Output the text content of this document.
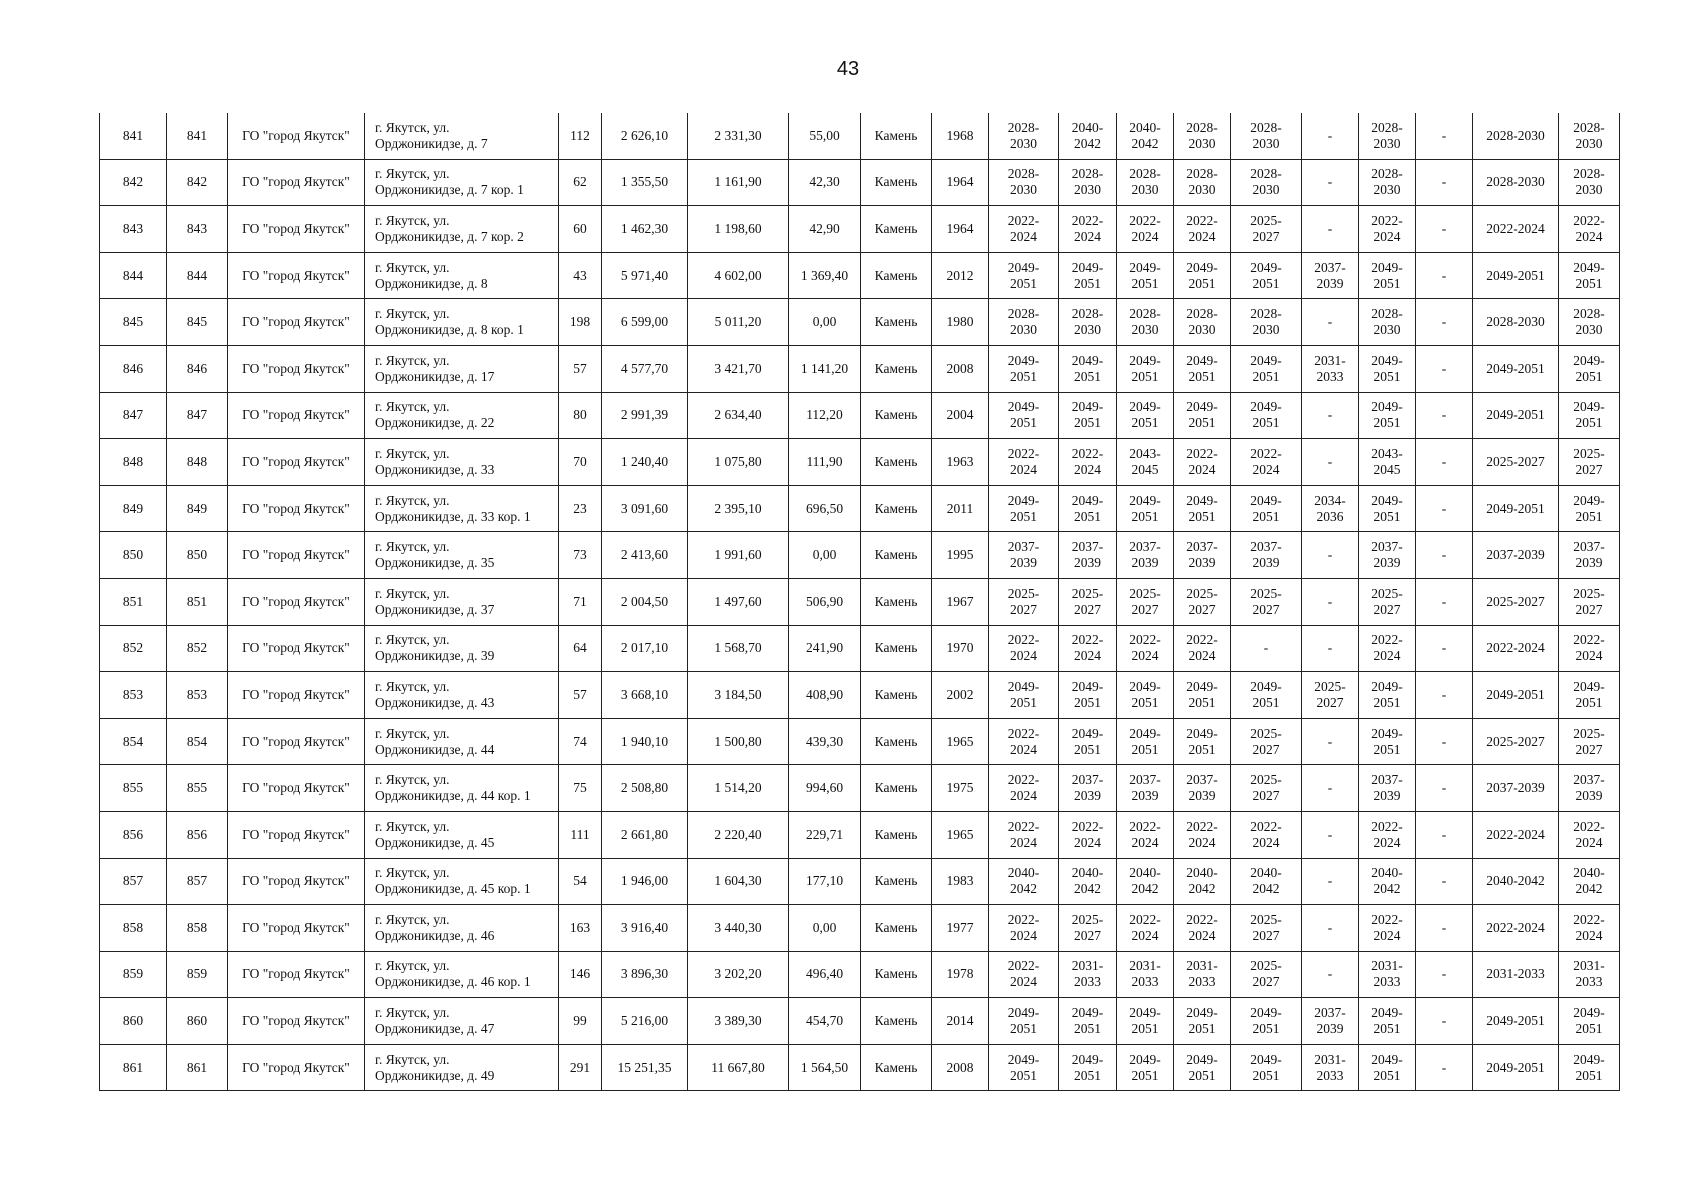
43
841	841	ГО "город Якутск"	г. Якутск, ул.
Орджоникидзе, д. 7	112	2 626,10	2 331,30	55,00	Камень	1968	2028-
2030	2040-
2042	2040-
2042	2028-
2030	2028-
2030	-	2028-
2030	-	2028-2030	2028-
2030
842	842	ГО "город Якутск"	г. Якутск, ул.
Орджоникидзе, д. 7 кор. 1	62	1 355,50	1 161,90	42,30	Камень	1964	2028-
2030	2028-
2030	2028-
2030	2028-
2030	2028-
2030	-	2028-
2030	-	2028-2030	2028-
2030
843	843	ГО "город Якутск"	г. Якутск, ул.
Орджоникидзе, д. 7 кор. 2	60	1 462,30	1 198,60	42,90	Камень	1964	2022-
2024	2022-
2024	2022-
2024	2022-
2024	2025-
2027	-	2022-
2024	-	2022-2024	2022-
2024
844	844	ГО "город Якутск"	г. Якутск, ул.
Орджоникидзе, д. 8	43	5 971,40	4 602,00	1 369,40	Камень	2012	2049-
2051	2049-
2051	2049-
2051	2049-
2051	2049-
2051	2037-
2039	2049-
2051	-	2049-2051	2049-
2051
845	845	ГО "город Якутск"	г. Якутск, ул.
Орджоникидзе, д. 8 кор. 1	198	6 599,00	5 011,20	0,00	Камень	1980	2028-
2030	2028-
2030	2028-
2030	2028-
2030	2028-
2030	-	2028-
2030	-	2028-2030	2028-
2030
846	846	ГО "город Якутск"	г. Якутск, ул.
Орджоникидзе, д. 17	57	4 577,70	3 421,70	1 141,20	Камень	2008	2049-
2051	2049-
2051	2049-
2051	2049-
2051	2049-
2051	2031-
2033	2049-
2051	-	2049-2051	2049-
2051
847	847	ГО "город Якутск"	г. Якутск, ул.
Орджоникидзе, д. 22	80	2 991,39	2 634,40	112,20	Камень	2004	2049-
2051	2049-
2051	2049-
2051	2049-
2051	2049-
2051	-	2049-
2051	-	2049-2051	2049-
2051
848	848	ГО "город Якутск"	г. Якутск, ул.
Орджоникидзе, д. 33	70	1 240,40	1 075,80	111,90	Камень	1963	2022-
2024	2022-
2024	2043-
2045	2022-
2024	2022-
2024	-	2043-
2045	-	2025-2027	2025-
2027
849	849	ГО "город Якутск"	г. Якутск, ул.
Орджоникидзе, д. 33 кор. 1	23	3 091,60	2 395,10	696,50	Камень	2011	2049-
2051	2049-
2051	2049-
2051	2049-
2051	2049-
2051	2034-
2036	2049-
2051	-	2049-2051	2049-
2051
850	850	ГО "город Якутск"	г. Якутск, ул.
Орджоникидзе, д. 35	73	2 413,60	1 991,60	0,00	Камень	1995	2037-
2039	2037-
2039	2037-
2039	2037-
2039	2037-
2039	-	2037-
2039	-	2037-2039	2037-
2039
851	851	ГО "город Якутск"	г. Якутск, ул.
Орджоникидзе, д. 37	71	2 004,50	1 497,60	506,90	Камень	1967	2025-
2027	2025-
2027	2025-
2027	2025-
2027	2025-
2027	-	2025-
2027	-	2025-2027	2025-
2027
852	852	ГО "город Якутск"	г. Якутск, ул.
Орджоникидзе, д. 39	64	2 017,10	1 568,70	241,90	Камень	1970	2022-
2024	2022-
2024	2022-
2024	2022-
2024	-	-	2022-
2024	-	2022-2024	2022-
2024
853	853	ГО "город Якутск"	г. Якутск, ул.
Орджоникидзе, д. 43	57	3 668,10	3 184,50	408,90	Камень	2002	2049-
2051	2049-
2051	2049-
2051	2049-
2051	2049-
2051	2025-
2027	2049-
2051	-	2049-2051	2049-
2051
854	854	ГО "город Якутск"	г. Якутск, ул.
Орджоникидзе, д. 44	74	1 940,10	1 500,80	439,30	Камень	1965	2022-
2024	2049-
2051	2049-
2051	2049-
2051	2025-
2027	-	2049-
2051	-	2025-2027	2025-
2027
855	855	ГО "город Якутск"	г. Якутск, ул.
Орджоникидзе, д. 44 кор. 1	75	2 508,80	1 514,20	994,60	Камень	1975	2022-
2024	2037-
2039	2037-
2039	2037-
2039	2025-
2027	-	2037-
2039	-	2037-2039	2037-
2039
856	856	ГО "город Якутск"	г. Якутск, ул.
Орджоникидзе, д. 45	111	2 661,80	2 220,40	229,71	Камень	1965	2022-
2024	2022-
2024	2022-
2024	2022-
2024	2022-
2024	-	2022-
2024	-	2022-2024	2022-
2024
857	857	ГО "город Якутск"	г. Якутск, ул.
Орджоникидзе, д. 45 кор. 1	54	1 946,00	1 604,30	177,10	Камень	1983	2040-
2042	2040-
2042	2040-
2042	2040-
2042	2040-
2042	-	2040-
2042	-	2040-2042	2040-
2042
858	858	ГО "город Якутск"	г. Якутск, ул.
Орджоникидзе, д. 46	163	3 916,40	3 440,30	0,00	Камень	1977	2022-
2024	2025-
2027	2022-
2024	2022-
2024	2025-
2027	-	2022-
2024	-	2022-2024	2022-
2024
859	859	ГО "город Якутск"	г. Якутск, ул.
Орджоникидзе, д. 46 кор. 1	146	3 896,30	3 202,20	496,40	Камень	1978	2022-
2024	2031-
2033	2031-
2033	2031-
2033	2025-
2027	-	2031-
2033	-	2031-2033	2031-
2033
860	860	ГО "город Якутск"	г. Якутск, ул.
Орджоникидзе, д. 47	99	5 216,00	3 389,30	454,70	Камень	2014	2049-
2051	2049-
2051	2049-
2051	2049-
2051	2049-
2051	2037-
2039	2049-
2051	-	2049-2051	2049-
2051
861	861	ГО "город Якутск"	г. Якутск, ул.
Орджоникидзе, д. 49	291	15 251,35	11 667,80	1 564,50	Камень	2008	2049-
2051	2049-
2051	2049-
2051	2049-
2051	2049-
2051	2031-
2033	2049-
2051	-	2049-2051	2049-
2051
